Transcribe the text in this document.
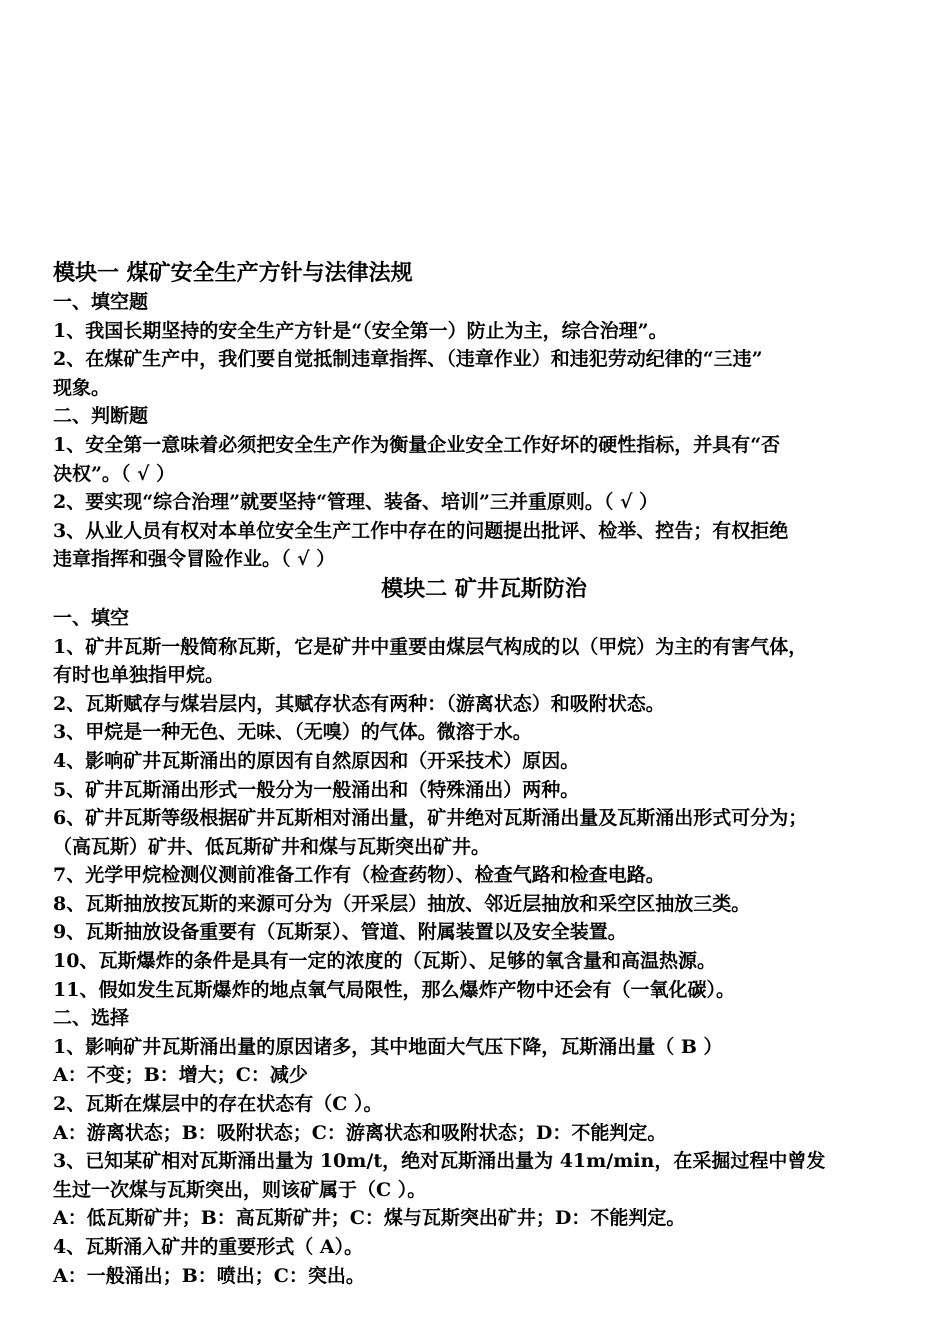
模块一 煤矿安全生产方针与法律法规
一、填空题
1、我国长期坚持的安全生产方针是“（安全第一）防止为主，综合治理”。
2、在煤矿生产中，我们要自觉抵制违章指挥、（违章作业）和违犯劳动纪律的“三违”
现象。
二、判断题
1、安全第一意味着必须把安全生产作为衡量企业安全工作好坏的硬性指标，并具有“否
决权”。（ √ ）
2、要实现“综合治理”就要坚持“管理、装备、培训”三并重原则。（ √ ）
3、从业人员有权对本单位安全生产工作中存在的问题提出批评、检举、控告；有权拒绝
违章指挥和强令冒险作业。（ √ ）
模块二 矿井瓦斯防治
一、填空
1、矿井瓦斯一般简称瓦斯，它是矿井中重要由煤层气构成的以（甲烷）为主的有害气体，
有时也单独指甲烷。
2、瓦斯赋存与煤岩层内，其赋存状态有两种：（游离状态）和吸附状态。
3、甲烷是一种无色、无味、（无嗅）的气体。微溶于水。
4、影响矿井瓦斯涌出的原因有自然原因和（开采技术）原因。
5、矿井瓦斯涌出形式一般分为一般涌出和（特殊涌出）两种。
6、矿井瓦斯等级根据矿井瓦斯相对涌出量，矿井绝对瓦斯涌出量及瓦斯涌出形式可分为；
（高瓦斯）矿井、低瓦斯矿井和煤与瓦斯突出矿井。
7、光学甲烷检测仪测前准备工作有（检查药物）、检查气路和检查电路。
8、瓦斯抽放按瓦斯的来源可分为（开采层）抽放、邻近层抽放和采空区抽放三类。
9、瓦斯抽放设备重要有（瓦斯泵）、管道、附属装置以及安全装置。
10、瓦斯爆炸的条件是具有一定的浓度的（瓦斯）、足够的氧含量和高温热源。
11、假如发生瓦斯爆炸的地点氧气局限性，那么爆炸产物中还会有（一氧化碳）。
二、选择
1、影响矿井瓦斯涌出量的原因诸多，其中地面大气压下降，瓦斯涌出量（ B ）
A：不变；B：增大；C：减少
2、瓦斯在煤层中的存在状态有（C ）。
A：游离状态；B：吸附状态；C：游离状态和吸附状态；D：不能判定。
3、已知某矿相对瓦斯涌出量为 10m/t，绝对瓦斯涌出量为 41m/min，在采掘过程中曾发
生过一次煤与瓦斯突出，则该矿属于（C ）。
A：低瓦斯矿井；B：高瓦斯矿井；C：煤与瓦斯突出矿井；D：不能判定。
4、瓦斯涌入矿井的重要形式（ A）。
A：一般涌出；B：喷出；C：突出。
